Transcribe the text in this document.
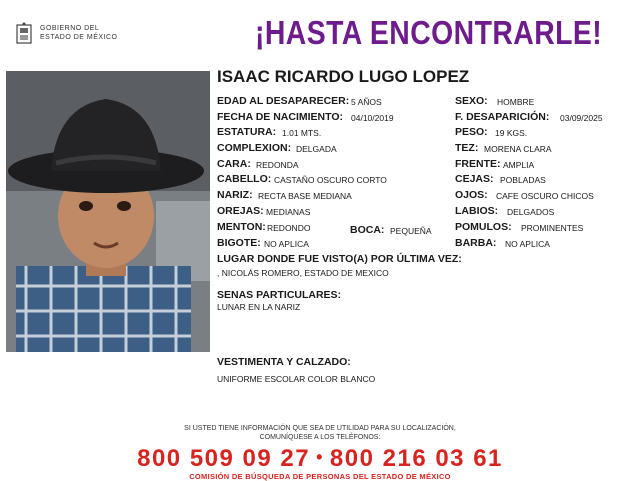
GOBIERNO DEL
ESTADO DE MÉXICO	¡HASTA ENCONTRARLE!
ISAAC RICARDO LUGO LOPEZ
EDAD AL DESAPARECER: 5 AÑOS
FECHA DE NACIMIENTO: 04/10/2019
ESTATURA: 1.01 MTS.
COMPLEXION: DELGADA
CARA: REDONDA
CABELLO: CASTAÑO OSCURO CORTO
NARIZ: RECTA BASE MEDIANA
OREJAS: MEDIANAS
MENTON: REDONDO	BOCA: PEQUEÑA
BIGOTE: NO APLICA
SEXO: HOMBRE
F. DESAPARICIÓN: 03/09/2025
PESO: 19 KGS.
TEZ: MORENA CLARA
FRENTE: AMPLIA
CEJAS: POBLADAS
OJOS: CAFE OSCURO CHICOS
LABIOS: DELGADOS
POMULOS: PROMINENTES
BARBA: NO APLICA
LUGAR DONDE FUE VISTO(A) POR ÚLTIMA VEZ:
, NICOLÁS ROMERO, ESTADO DE MEXICO
SENAS PARTICULARES:
LUNAR EN LA NARIZ
VESTIMENTA Y CALZADO:
UNIFORME ESCOLAR COLOR BLANCO
SI USTED TIENE INFORMACIÓN QUE SEA DE UTILIDAD PARA SU LOCALIZACIÓN,
COMUNÍQUESE A LOS TELÉFONOS:
800 509 09 27 • 800 216 03 61
COMISIÓN DE BÚSQUEDA DE PERSONAS DEL ESTADO DE MÉXICO
